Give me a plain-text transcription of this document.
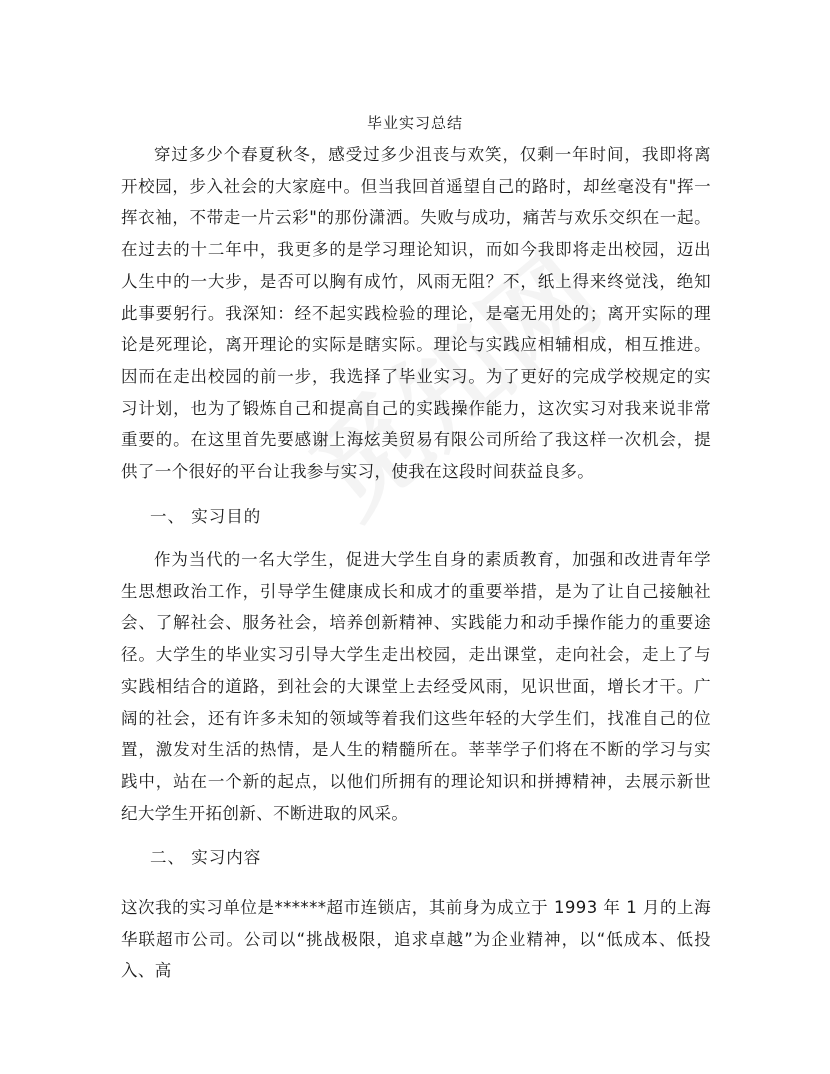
毕业实习总结
穿过多少个春夏秋冬，感受过多少沮丧与欢笑，仅剩一年时间，我即将离开校园，步入社会的大家庭中。但当我回首遥望自己的路时，却丝毫没有"挥一挥衣袖，不带走一片云彩"的那份潇洒。失败与成功，痛苦与欢乐交织在一起。在过去的十二年中，我更多的是学习理论知识，而如今我即将走出校园，迈出人生中的一大步，是否可以胸有成竹，风雨无阻？不，纸上得来终觉浅，绝知此事要躬行。我深知：经不起实践检验的理论，是毫无用处的；离开实际的理论是死理论，离开理论的实际是瞎实际。理论与实践应相辅相成，相互推进。因而在走出校园的前一步，我选择了毕业实习。为了更好的完成学校规定的实习计划，也为了锻炼自己和提高自己的实践操作能力，这次实习对我来说非常重要的。在这里首先要感谢上海炫美贸易有限公司所给了我这样一次机会，提供了一个很好的平台让我参与实习，使我在这段时间获益良多。
一、 实习目的
作为当代的一名大学生，促进大学生自身的素质教育，加强和改进青年学生思想政治工作，引导学生健康成长和成才的重要举措，是为了让自己接触社会、了解社会、服务社会，培养创新精神、实践能力和动手操作能力的重要途径。大学生的毕业实习引导大学生走出校园，走出课堂，走向社会，走上了与实践相结合的道路，到社会的大课堂上去经受风雨，见识世面，增长才干。广阔的社会，还有许多未知的领域等着我们这些年轻的大学生们，找准自己的位置，激发对生活的热情，是人生的精髓所在。莘莘学子们将在不断的学习与实践中，站在一个新的起点，以他们所拥有的理论知识和拼搏精神，去展示新世纪大学生开拓创新、不断进取的风采。
二、 实习内容
这次我的实习单位是******超市连锁店，其前身为成立于 1993 年 1 月的上海华联超市公司。公司以“挑战极限，追求卓越”为企业精神，以“低成本、低投入、高
